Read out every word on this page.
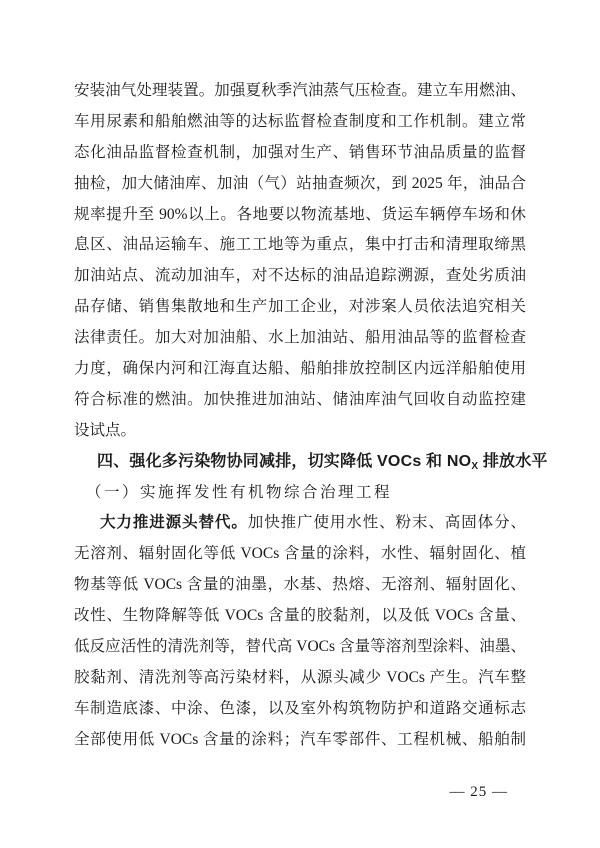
安装油气处理装置。加强夏秋季汽油蒸气压检查。建立车用燃油、
车用尿素和船舶燃油等的达标监督检查制度和工作机制。建立常
态化油品监督检查机制，加强对生产、销售环节油品质量的监督
抽检，加大储油库、加油（气）站抽查频次，到 2025 年，油品合
规率提升至 90%以上。各地要以物流基地、货运车辆停车场和休
息区、油品运输车、施工工地等为重点，集中打击和清理取缔黑
加油站点、流动加油车，对不达标的油品追踪溯源，查处劣质油
品存储、销售集散地和生产加工企业，对涉案人员依法追究相关
法律责任。加大对加油船、水上加油站、船用油品等的监督检查
力度，确保内河和江海直达船、船舶排放控制区内远洋船舶使用
符合标准的燃油。加快推进加油站、储油库油气回收自动监控建
设试点。
四、强化多污染物协同减排，切实降低 VOCs 和 $NO_X$ 排放水平
（一）实施挥发性有机物综合治理工程
大力推进源头替代。加快推广使用水性、粉末、高固体分、
无溶剂、辐射固化等低 VOCs 含量的涂料，水性、辐射固化、植
物基等低 VOCs 含量的油墨，水基、热熔、无溶剂、辐射固化、
改性、生物降解等低 VOCs 含量的胶黏剂，以及低 VOCs 含量、
低反应活性的清洗剂等，替代高 VOCs 含量等溶剂型涂料、油墨、
胶黏剂、清洗剂等高污染材料，从源头减少 VOCs 产生。汽车整
车制造底漆、中涂、色漆，以及室外构筑物防护和道路交通标志
全部使用低 VOCs 含量的涂料；汽车零部件、工程机械、船舶制
— 25 —
